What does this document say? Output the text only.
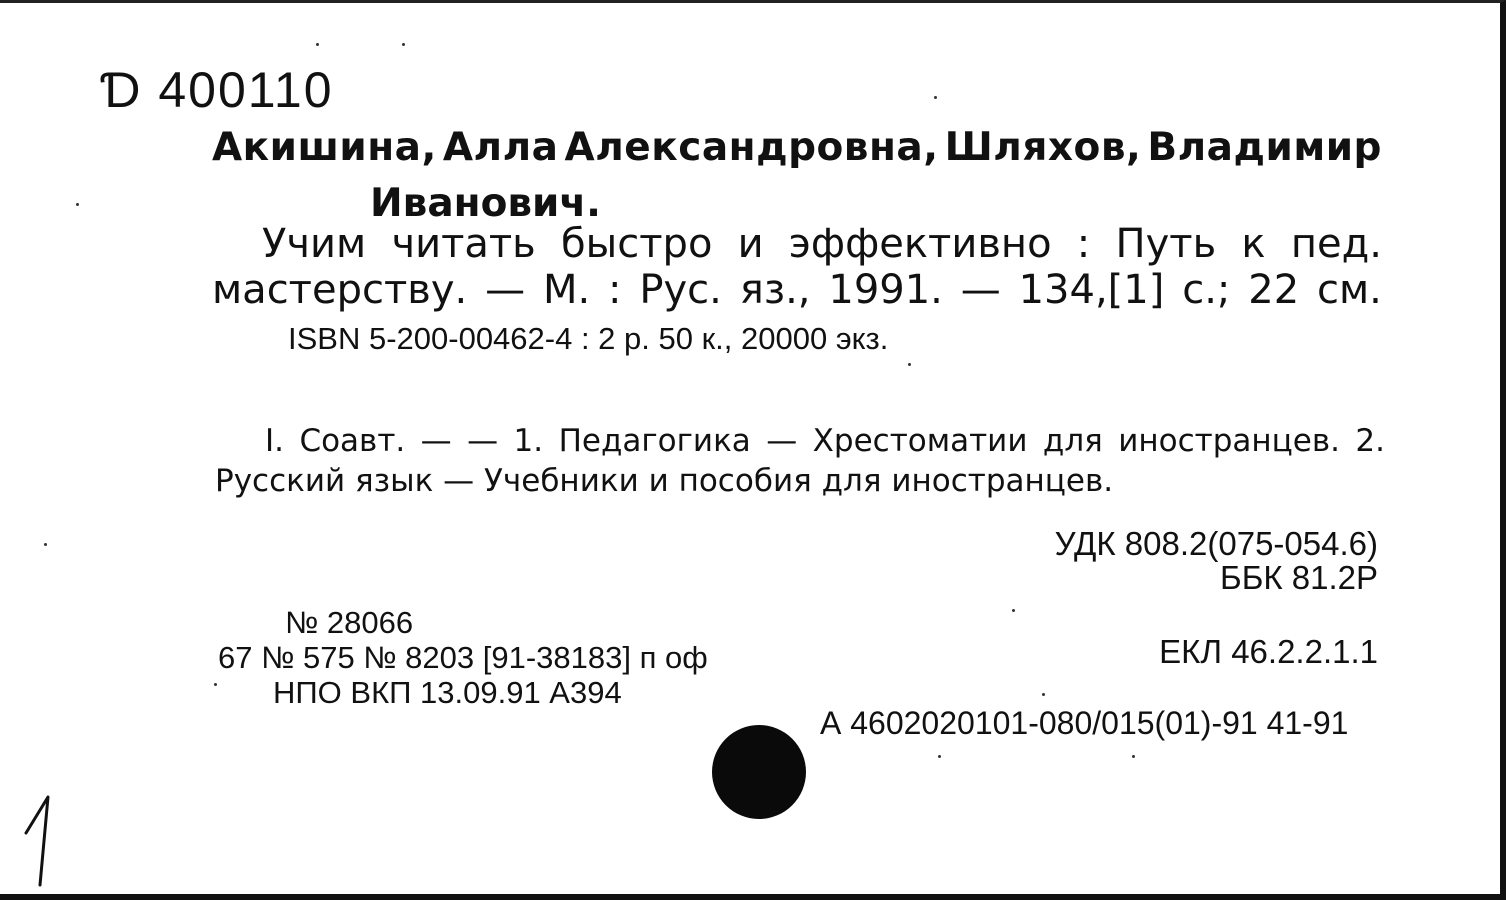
Ɗ 400110
Акишина, Алла Александровна, Шляхов, Владимир
Иванович.
Учим читать быстро и эффективно : Путь к пед.
мастерству. — М. : Рус. яз., 1991. — 134,[1] с.; 22 см.
ISBN 5-200-00462-4 : 2 р. 50 к., 20000 экз.
I. Соавт. — — 1. Педагогика — Хрестоматии для иностранцев. 2.
Русский язык — Учебники и пособия для иностранцев.
УДК 808.2(075-054.6)
ББК 81.2Р
ЕКЛ 46.2.2.1.1
А 4602020101-080/015(01)-91 41-91
№ 28066
67 № 575 № 8203 [91-38183] п оф
НПО ВКП 13.09.91 А394
